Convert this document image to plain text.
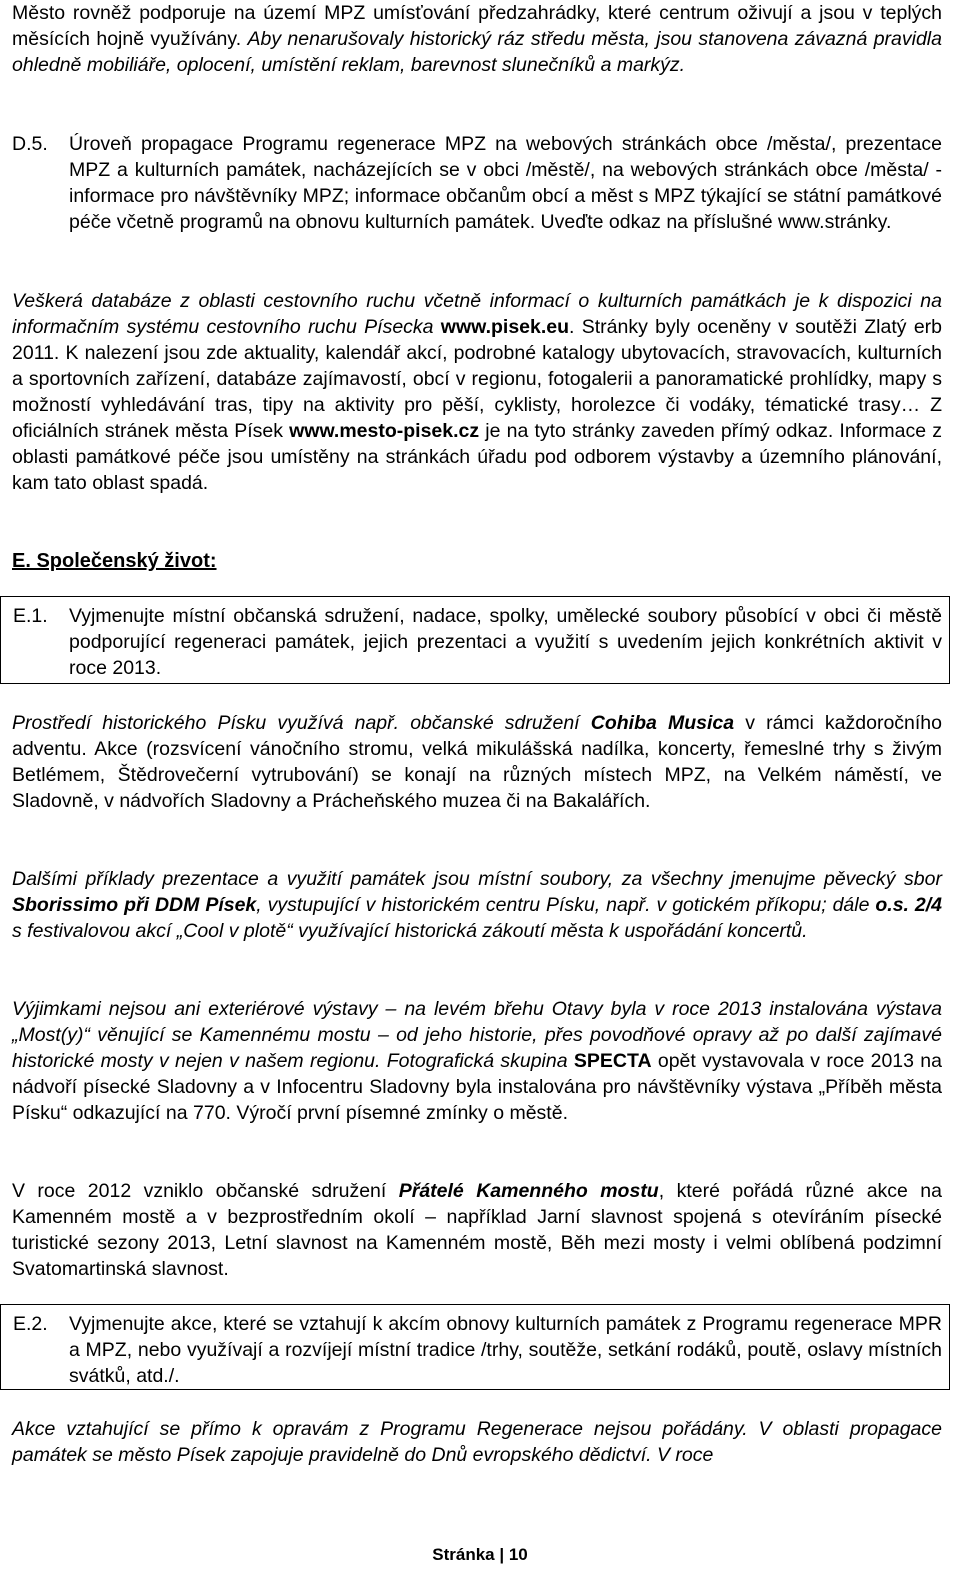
Město rovněž podporuje na území MPZ umísťování předzahrádky, které centrum oživují a jsou v teplých měsících hojně využívány. Aby nenarušovaly historický ráz středu města, jsou stanovena závazná pravidla ohledně mobiliáře, oplocení, umístění reklam, barevnost slunečníků a markýz.
D.5. Úroveň propagace Programu regenerace MPZ na webových stránkách obce /města/, prezentace MPZ a kulturních památek, nacházejících se v obci /městě/, na webových stránkách obce /města/ - informace pro návštěvníky MPZ; informace občanům obcí a měst s MPZ týkající se státní památkové péče včetně programů na obnovu kulturních památek. Uveďte odkaz na příslušné www.stránky.
Veškerá databáze z oblasti cestovního ruchu včetně informací o kulturních památkách je k dispozici na informačním systému cestovního ruchu Písecka www.pisek.eu. Stránky byly oceněny v soutěži Zlatý erb 2011. K nalezení jsou zde aktuality, kalendář akcí, podrobné katalogy ubytovacích, stravovacích, kulturních a sportovních zařízení, databáze zajímavostí, obcí v regionu, fotogalerii a panoramatické prohlídky, mapy s možností vyhledávání tras, tipy na aktivity pro pěší, cyklisty, horolezce či vodáky, tématické trasy… Z oficiálních stránek města Písek www.mesto-pisek.cz je na tyto stránky zaveden přímý odkaz. Informace z oblasti památkové péče jsou umístěny na stránkách úřadu pod odborem výstavby a územního plánování, kam tato oblast spadá.
E. Společenský život:
E.1. Vyjmenujte místní občanská sdružení, nadace, spolky, umělecké soubory působící v obci či městě podporující regeneraci památek, jejich prezentaci a využití s uvedením jejich konkrétních aktivit v roce 2013.
Prostředí historického Písku využívá např. občanské sdružení Cohiba Musica v rámci každoročního adventu. Akce (rozsvícení vánočního stromu, velká mikulášská nadílka, koncerty, řemeslné trhy s živým Betlémem, Štědrovečerní vytrubování) se konají na různých místech MPZ, na Velkém náměstí, ve Sladovně, v nádvořích Sladovny a Prácheňského muzea či na Bakalářích.
Dalšími příklady prezentace a využití památek jsou místní soubory, za všechny jmenujme pěvecký sbor Sborissimo při DDM Písek, vystupující v historickém centru Písku, např. v gotickém příkopu; dále o.s. 2/4 s festivalovou akcí „Cool v plotě“ využívající historická zákoutí města k uspořádání koncertů.
Výjimkami nejsou ani exteriérové výstavy – na levém břehu Otavy byla v roce 2013 instalována výstava „Most(y)“ věnující se Kamennému mostu – od jeho historie, přes povodňové opravy až po další zajímavé historické mosty v nejen v našem regionu. Fotografická skupina SPECTA opět vystavovala v roce 2013 na nádvoří písecké Sladovny a v Infocentru Sladovny byla instalována pro návštěvníky výstava „Příběh města Písku“ odkazující na 770. Výročí první písemné zmínky o městě.
V roce 2012 vzniklo občanské sdružení Přátelé Kamenného mostu, které pořádá různé akce na Kamenném mostě a v bezprostředním okolí – například Jarní slavnost spojená s otevíráním písecké turistické sezony 2013, Letní slavnost na Kamenném mostě, Běh mezi mosty i velmi oblíbená podzimní Svatomartinská slavnost.
E.2. Vyjmenujte akce, které se vztahují k akcím obnovy kulturních památek z Programu regenerace MPR a MPZ, nebo využívají a rozvíjejí místní tradice /trhy, soutěže, setkání rodáků, poutě, oslavy místních svátků, atd./.
Akce vztahující se přímo k opravám z Programu Regenerace nejsou pořádány. V oblasti propagace památek se město Písek zapojuje pravidelně do Dnů evropského dědictví. V roce
Stránka | 10
